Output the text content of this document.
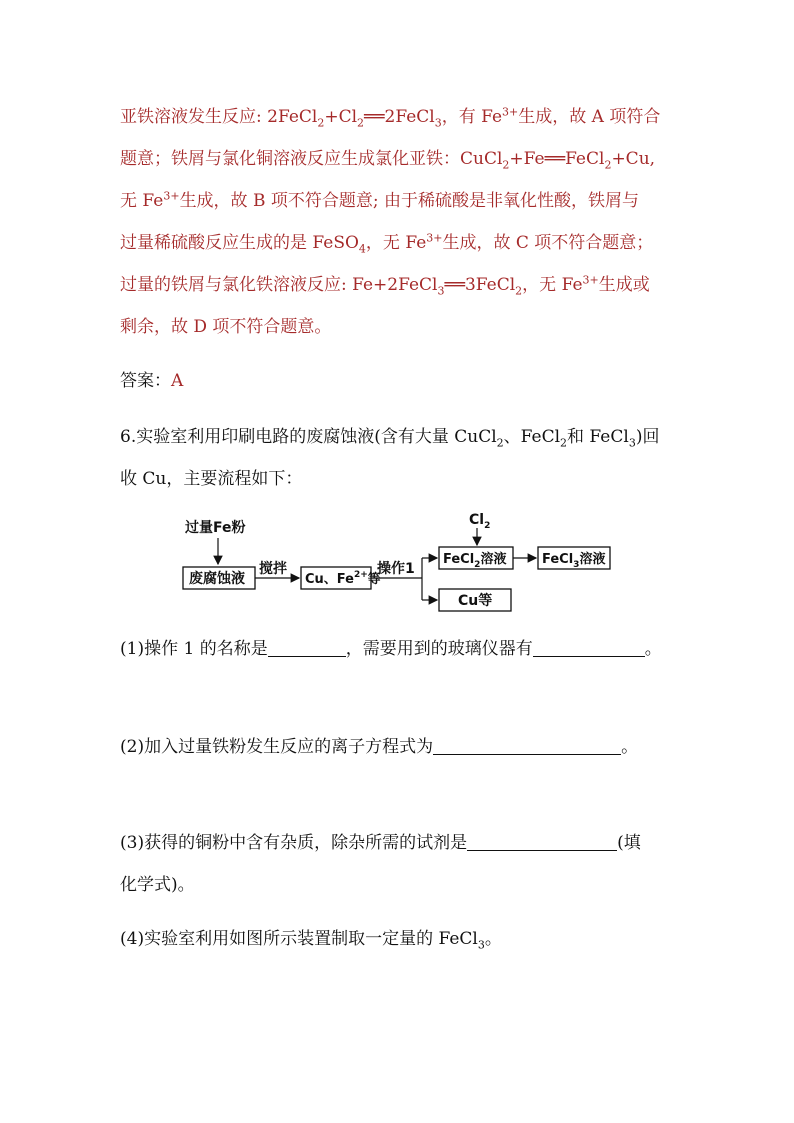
亚铁溶液发生反应: $2FeCl_2+Cl_2══2FeCl_3$，有 $Fe^{3+}$生成，故 A 项符合
题意；铁屑与氯化铜溶液反应生成氯化亚铁：CuCl$_2$+Fe══FeCl$_2$+Cu,
无 $Fe^{3+}$生成，故 B 项不符合题意; 由于稀硫酸是非氧化性酸，铁屑与
过量稀硫酸反应生成的是 FeSO$_4$，无 $Fe^{3+}$生成，故 C 项不符合题意；
过量的铁屑与氯化铁溶液反应: Fe+2FeCl$_3$══3FeCl$_2$，无 $Fe^{3+}$生成或
剩余，故 D 项不符合题意。
答案：A
6.实验室利用印刷电路的废腐蚀液(含有大量 CuCl$_2$、FeCl$_2$和 FeCl$_3$)回
收 Cu，主要流程如下：
过量Fe粉
废腐蚀液
搅拌
Cu、$Fe^{2+}$等
操作1
$Cl_2$
FeCl$_2$溶液	FeCl$_3$溶液
Cu等
(1)操作 1 的名称是	，需要用到的玻璃仪器有	。
(2)加入过量铁粉发生反应的离子方程式为	。
(3)获得的铜粉中含有杂质，除杂所需的试剂是	(填
化学式)。
(4)实验室利用如图所示装置制取一定量的 FeCl$_3$。
